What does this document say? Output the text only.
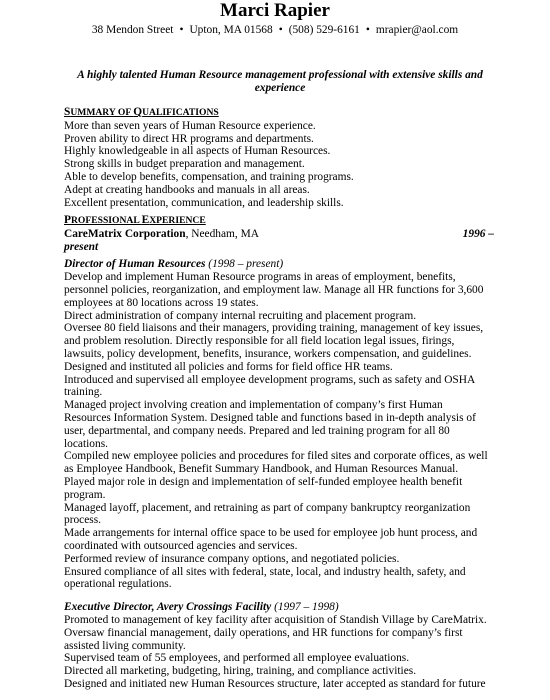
Marci Rapier
38 Mendon Street • Upton, MA 01568 • (508) 529-6161 • mrapier@aol.com
A highly talented Human Resource management professional with extensive skills and experience
SUMMARY OF QUALIFICATIONS
More than seven years of Human Resource experience.
Proven ability to direct HR programs and departments.
Highly knowledgeable in all aspects of Human Resources.
Strong skills in budget preparation and management.
Able to develop benefits, compensation, and training programs.
Adept at creating handbooks and manuals in all areas.
Excellent presentation, communication, and leadership skills.
PROFESSIONAL EXPERIENCE
CareMatrix Corporation, Needham, MA	1996 –
present
Director of Human Resources (1998 – present)
Develop and implement Human Resource programs in areas of employment, benefits,
personnel policies, reorganization, and employment law. Manage all HR functions for 3,600
employees at 80 locations across 19 states.
Direct administration of company internal recruiting and placement program.
Oversee 80 field liaisons and their managers, providing training, management of key issues,
and problem resolution. Directly responsible for all field location legal issues, firings,
lawsuits, policy development, benefits, insurance, workers compensation, and guidelines.
Designed and instituted all policies and forms for field office HR teams.
Introduced and supervised all employee development programs, such as safety and OSHA
training.
Managed project involving creation and implementation of company’s first Human
Resources Information System. Designed table and functions based in in-depth analysis of
user, departmental, and company needs. Prepared and led training program for all 80
locations.
Compiled new employee policies and procedures for filed sites and corporate offices, as well
as Employee Handbook, Benefit Summary Handbook, and Human Resources Manual.
Played major role in design and implementation of self-funded employee health benefit
program.
Managed layoff, placement, and retraining as part of company bankruptcy reorganization
process.
Made arrangements for internal office space to be used for employee job hunt process, and
coordinated with outsourced agencies and services.
Performed review of insurance company options, and negotiated policies.
Ensured compliance of all sites with federal, state, local, and industry health, safety, and
operational regulations.
Executive Director, Avery Crossings Facility (1997 – 1998)
Promoted to management of key facility after acquisition of Standish Village by CareMatrix.
Oversaw financial management, daily operations, and HR functions for company’s first
assisted living community.
Supervised team of 55 employees, and performed all employee evaluations.
Directed all marketing, budgeting, hiring, training, and compliance activities.
Designed and initiated new Human Resources structure, later accepted as standard for future
